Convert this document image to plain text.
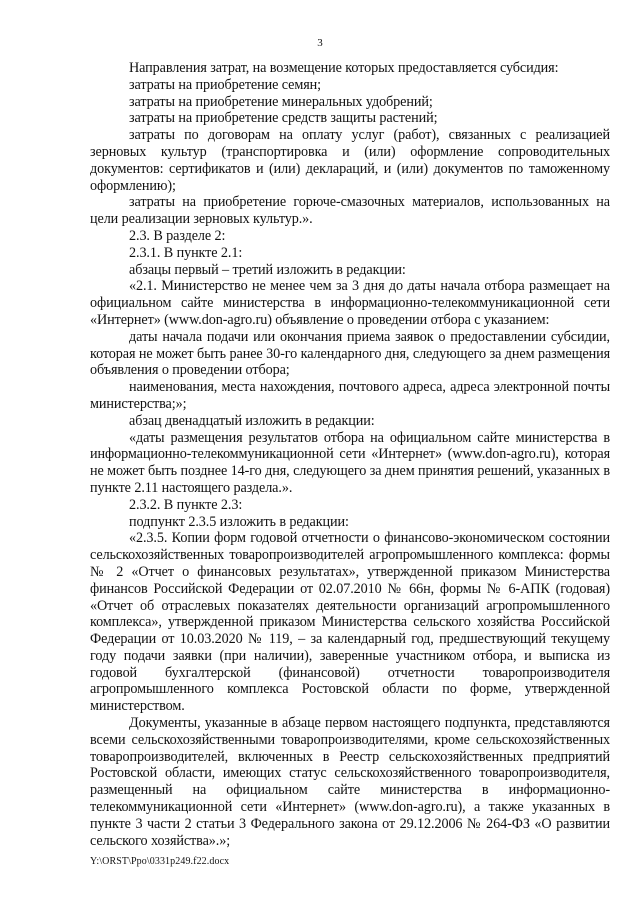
3

Направления затрат, на возмещение которых предоставляется субсидия:

затраты на приобретение семян;

затраты на приобретение минеральных удобрений;

затраты на приобретение средств защиты растений;

затраты по договорам на оплату услуг (работ), связанных с реализацией зерновых культур (транспортировка и (или) оформление сопроводительных документов: сертификатов и (или) деклараций, и (или) документов по таможенному оформлению);

затраты на приобретение горюче-смазочных материалов, использованных на цели реализации зерновых культур.».

2.3. В разделе 2:

2.3.1. В пункте 2.1:

абзацы первый – третий изложить в редакции:

«2.1. Министерство не менее чем за 3 дня до даты начала отбора размещает на официальном сайте министерства в информационно-телекоммуникационной сети «Интернет» (www.don-agro.ru) объявление о проведении отбора с указанием:

даты начала подачи или окончания приема заявок о предоставлении субсидии, которая не может быть ранее 30-го календарного дня, следующего за днем размещения объявления о проведении отбора;

наименования, места нахождения, почтового адреса, адреса электронной почты министерства;»;

абзац двенадцатый изложить в редакции:

«даты размещения результатов отбора на официальном сайте министерства в информационно-телекоммуникационной сети «Интернет» (www.don-agro.ru), которая не может быть позднее 14-го дня, следующего за днем принятия решений, указанных в пункте 2.11 настоящего раздела.».

2.3.2. В пункте 2.3:

подпункт 2.3.5 изложить в редакции:

«2.3.5. Копии форм годовой отчетности о финансово-экономическом состоянии сельскохозяйственных товаропроизводителей агропромышленного комплекса: формы № 2 «Отчет о финансовых результатах», утвержденной приказом Министерства финансов Российской Федерации от 02.07.2010 № 66н, формы № 6-АПК (годовая) «Отчет об отраслевых показателях деятельности организаций агропромышленного комплекса», утвержденной приказом Министерства сельского хозяйства Российской Федерации от 10.03.2020 № 119, – за календарный год, предшествующий текущему году подачи заявки (при наличии), заверенные участником отбора, и выписка из годовой бухгалтерской (финансовой) отчетности товаропроизводителя агропромышленного комплекса Ростовской области по форме, утвержденной министерством.

Документы, указанные в абзаце первом настоящего подпункта, представляются всеми сельскохозяйственными товаропроизводителями, кроме сельскохозяйственных товаропроизводителей, включенных в Реестр сельскохозяйственных предприятий Ростовской области, имеющих статус сельскохозяйственного товаропроизводителя, размещенный на официальном сайте министерства в информационно-телекоммуникационной сети «Интернет» (www.don-agro.ru), а также указанных в пункте 3 части 2 статьи 3 Федерального закона от 29.12.2006 № 264-ФЗ «О развитии сельского хозяйства».»;

Y:\ORST\Ppo\0331p249.f22.docx
